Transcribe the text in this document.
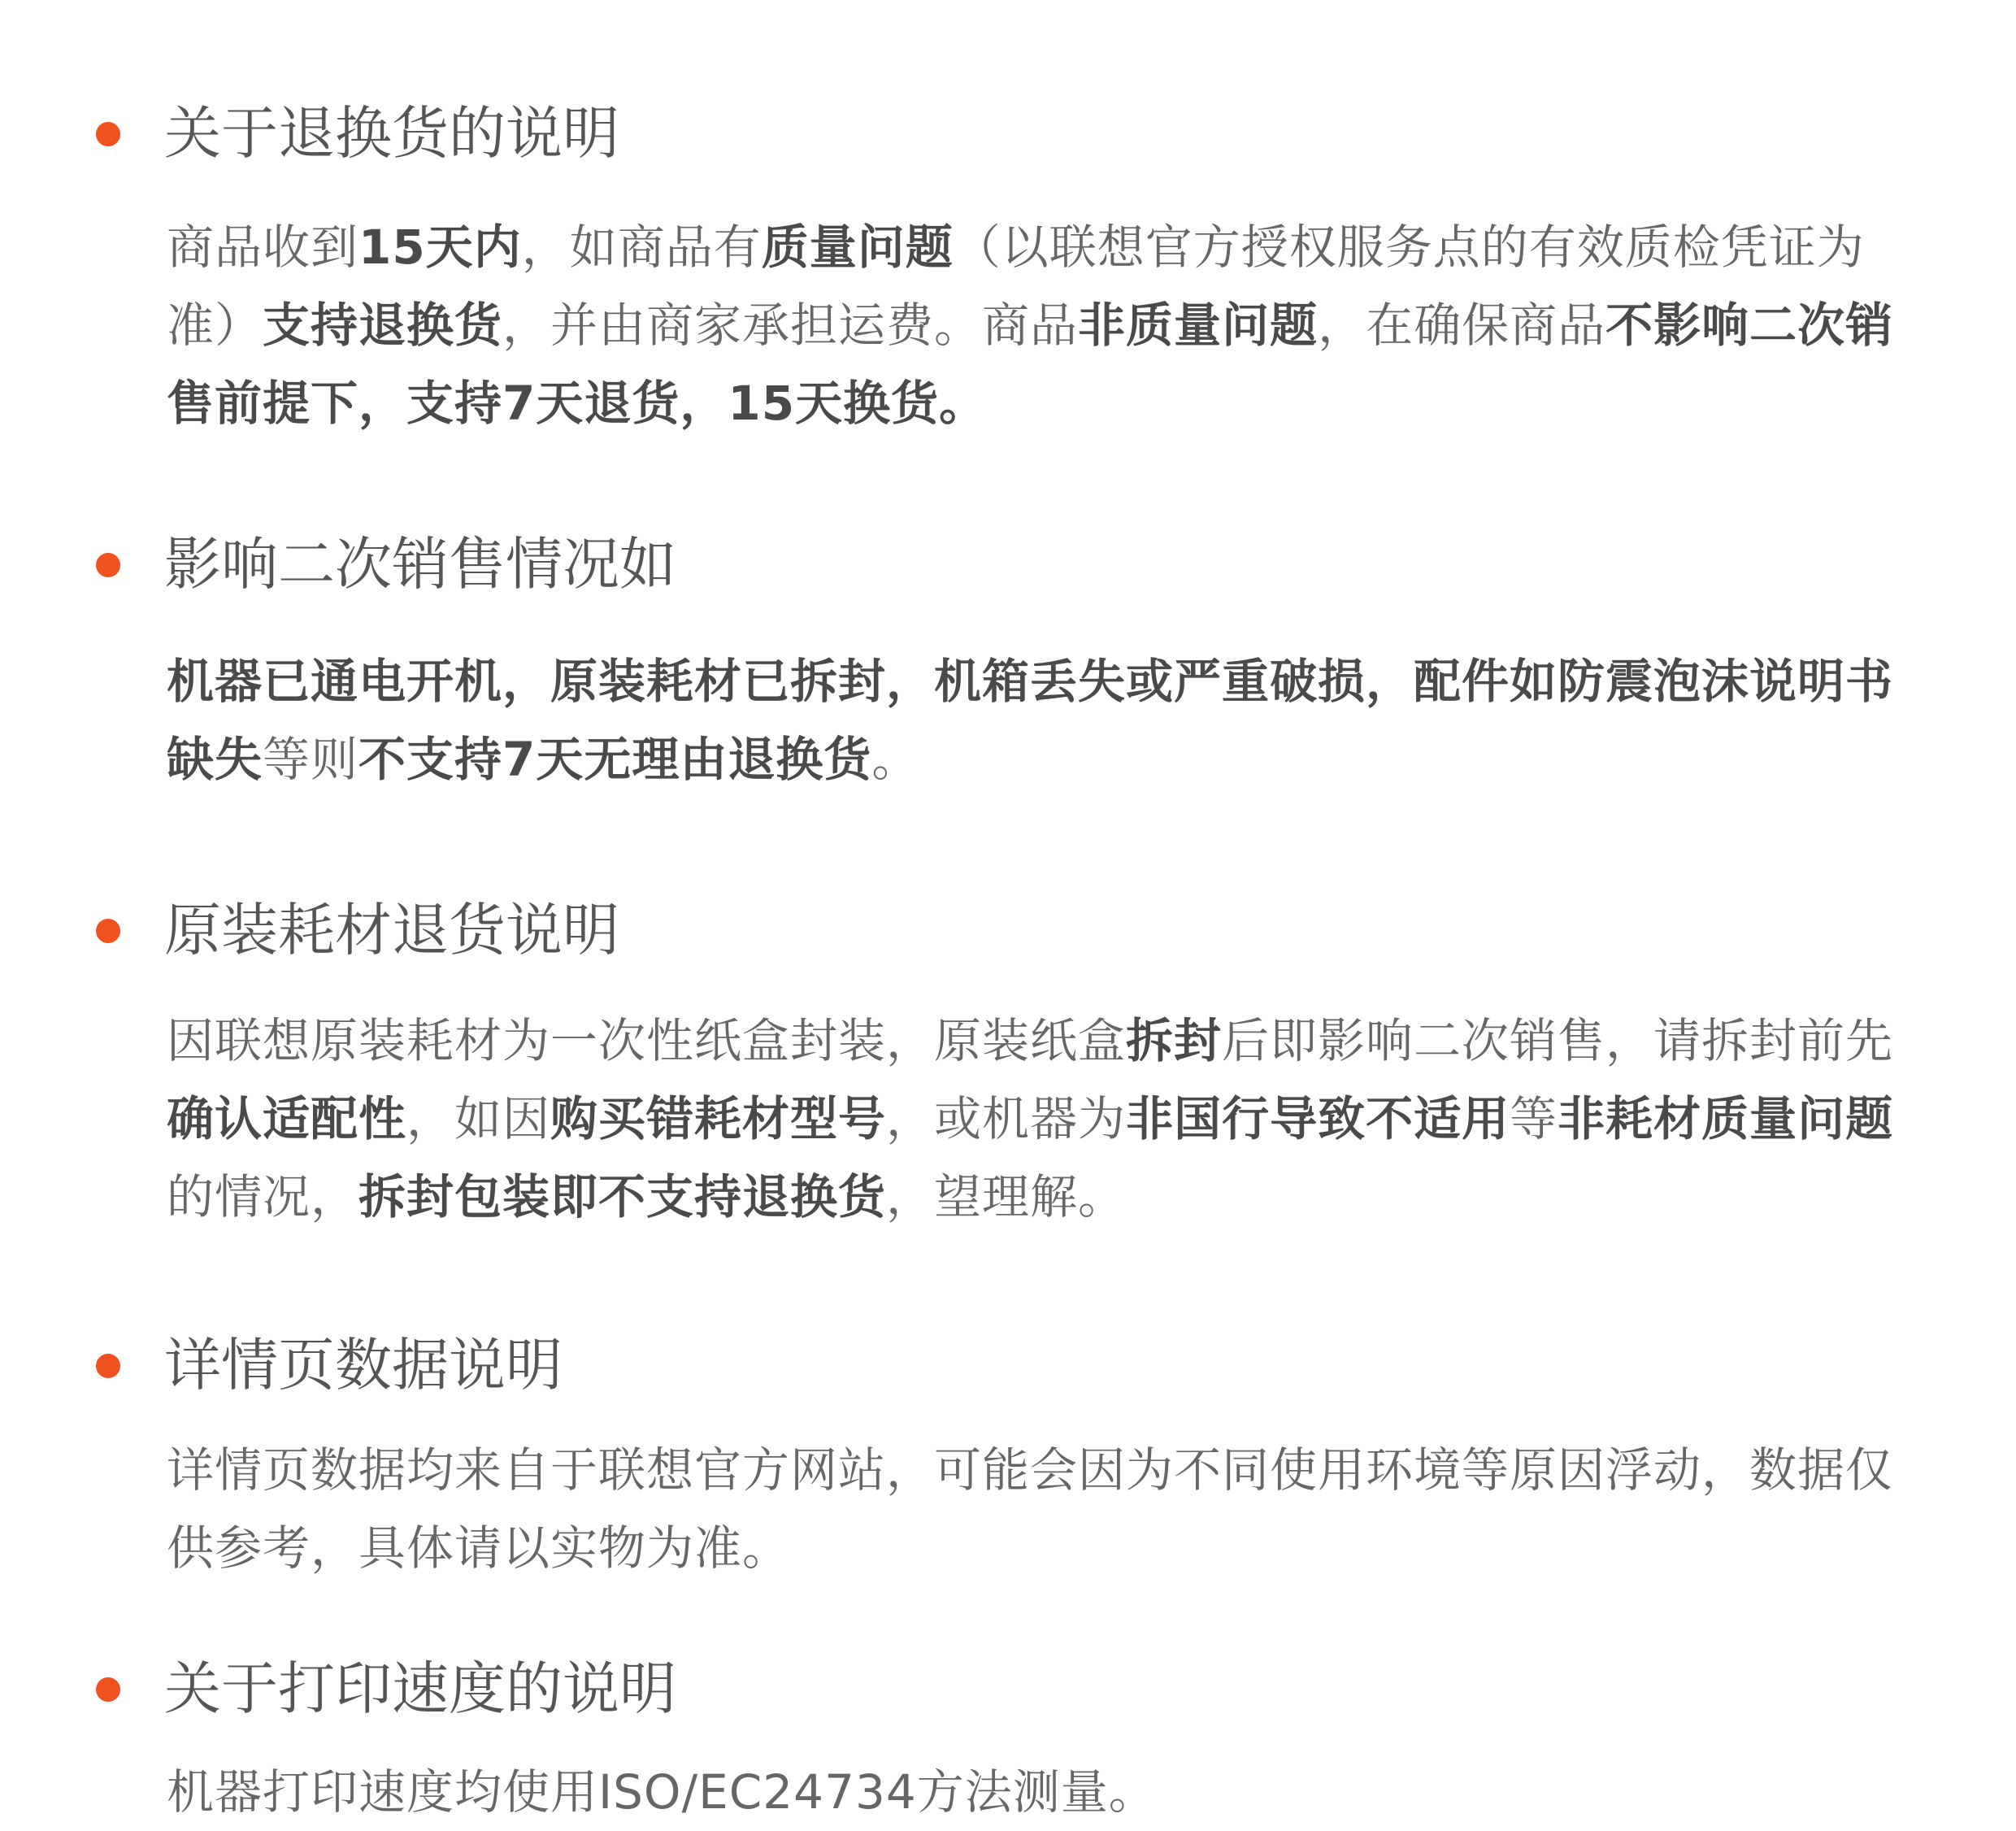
关于退换货的说明

商品收到15天内，如商品有质量问题（以联想官方授权服务点的有效质检凭证为准）支持退换货，并由商家承担运费。商品非质量问题，在确保商品不影响二次销售前提下，支持7天退货，15天换货。

影响二次销售情况如

机器已通电开机，原装耗材已拆封，机箱丢失或严重破损，配件如防震泡沫说明书缺失等则不支持7天无理由退换货。

原装耗材退货说明

因联想原装耗材为一次性纸盒封装，原装纸盒拆封后即影响二次销售，请拆封前先确认适配性，如因购买错耗材型号，或机器为非国行导致不适用等非耗材质量问题的情况，拆封包装即不支持退换货，望理解。

详情页数据说明

详情页数据均来自于联想官方网站，可能会因为不同使用环境等原因浮动，数据仅供参考，具体请以实物为准。

关于打印速度的说明

机器打印速度均使用ISO/EC24734方法测量。
